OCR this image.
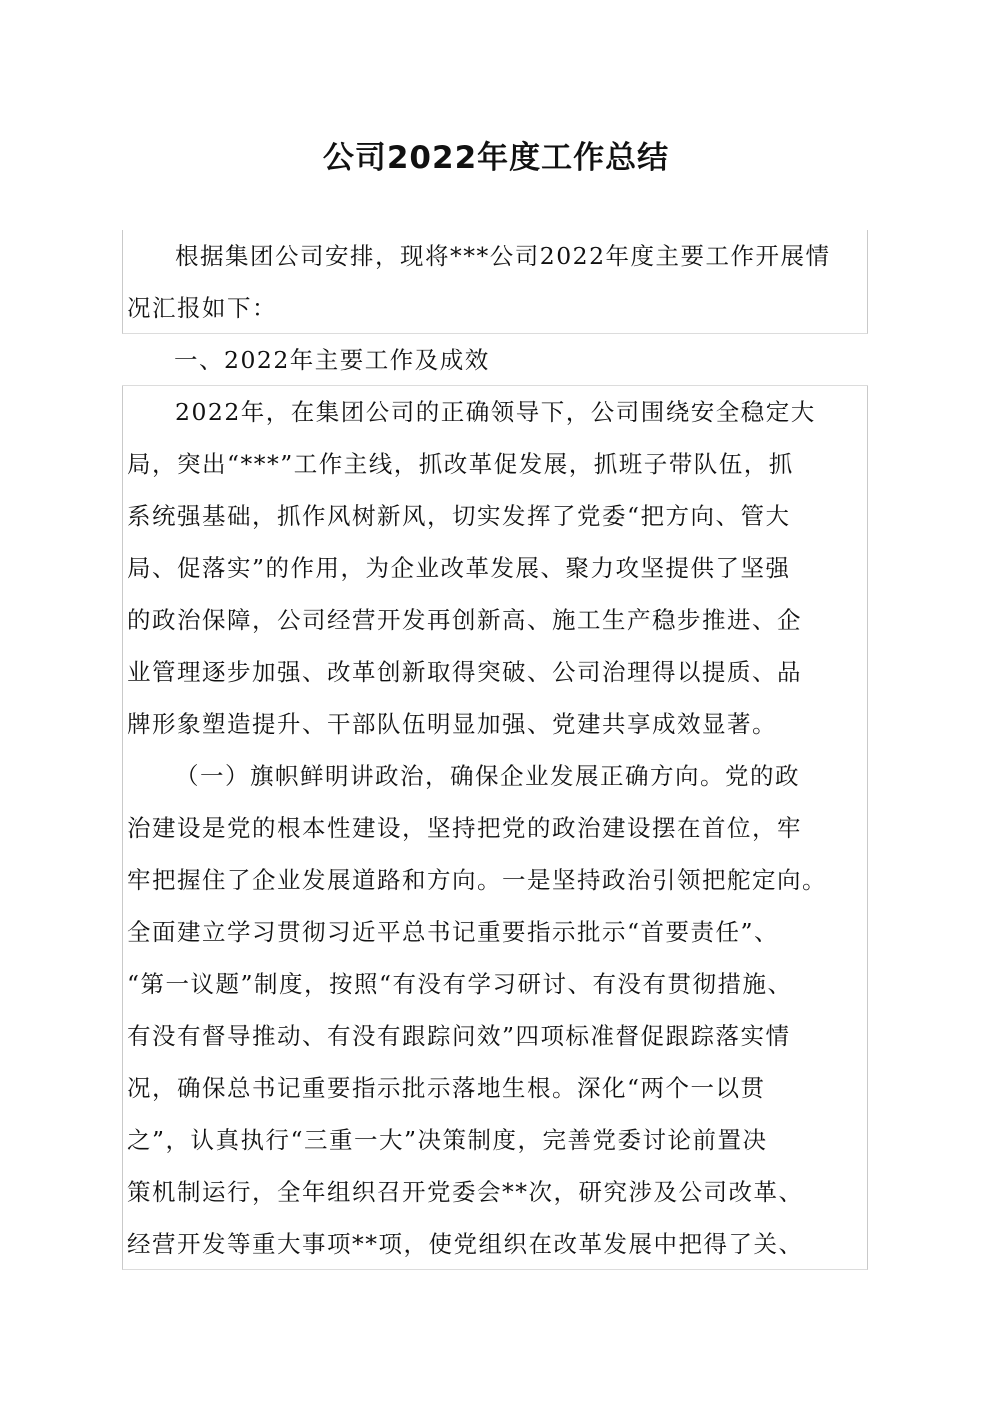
公司2022年度工作总结
根据集团公司安排，现将***公司2022年度主要工作开展情
况汇报如下：
一、2022年主要工作及成效
2022年，在集团公司的正确领导下，公司围绕安全稳定大
局，突出“***”工作主线，抓改革促发展，抓班子带队伍，抓
系统强基础，抓作风树新风，切实发挥了党委“把方向、管大
局、促落实”的作用，为企业改革发展、聚力攻坚提供了坚强
的政治保障，公司经营开发再创新高、施工生产稳步推进、企
业管理逐步加强、改革创新取得突破、公司治理得以提质、品
牌形象塑造提升、干部队伍明显加强、党建共享成效显著。
（一）旗帜鲜明讲政治，确保企业发展正确方向。党的政
治建设是党的根本性建设，坚持把党的政治建设摆在首位，牢
牢把握住了企业发展道路和方向。一是坚持政治引领把舵定向。
全面建立学习贯彻习近平总书记重要指示批示“首要责任”、
“第一议题”制度，按照“有没有学习研讨、有没有贯彻措施、
有没有督导推动、有没有跟踪问效”四项标准督促跟踪落实情
况，确保总书记重要指示批示落地生根。深化“两个一以贯
之”，认真执行“三重一大”决策制度，完善党委讨论前置决
策机制运行，全年组织召开党委会**次，研究涉及公司改革、
经营开发等重大事项**项，使党组织在改革发展中把得了关、
